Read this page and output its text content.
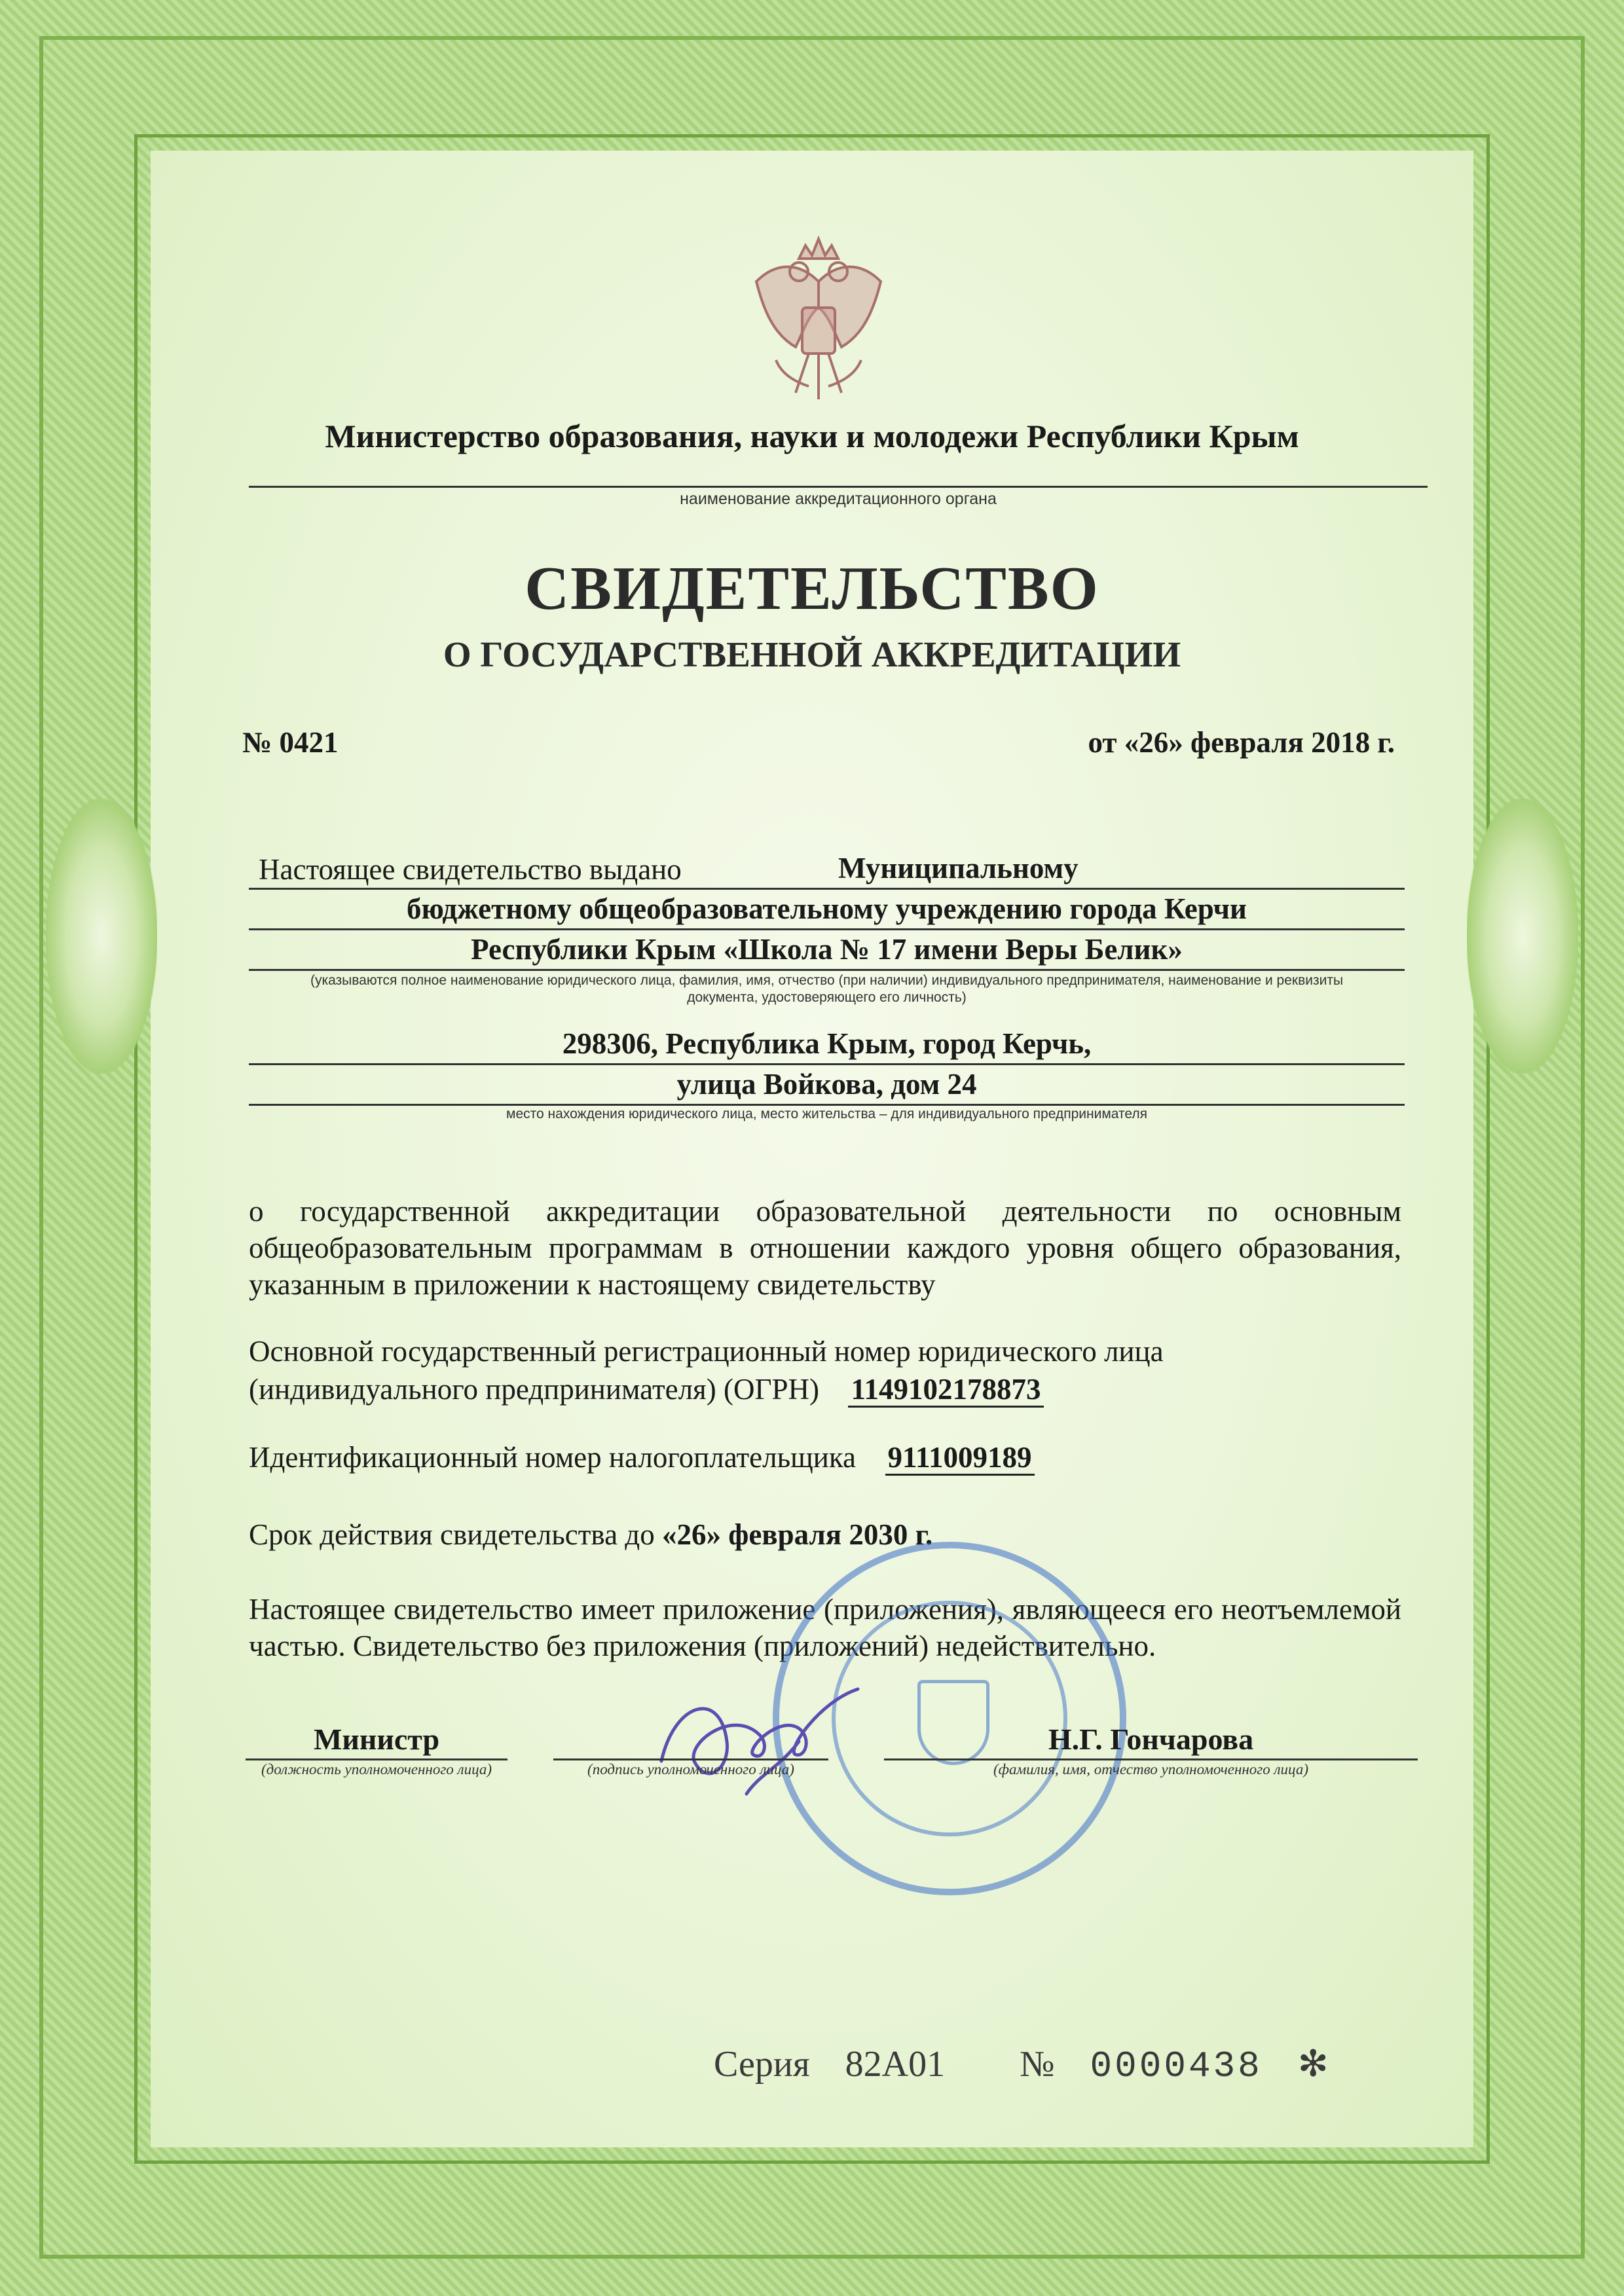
Министерство образования, науки и молодежи Республики Крым
наименование аккредитационного органа
СВИДЕТЕЛЬСТВО
О ГОСУДАРСТВЕННОЙ АККРЕДИТАЦИИ
№ 0421	от «26» февраля 2018 г.
Настоящее свидетельство выдано	Муниципальному
бюджетному общеобразовательному учреждению города Керчи
Республики Крым «Школа № 17 имени Веры Белик»
(указываются полное наименование юридического лица, фамилия, имя, отчество (при наличии) индивидуального предпринимателя, наименование и реквизиты
документа, удостоверяющего его личность)
298306, Республика Крым, город Керчь,
улица Войкова, дом 24
место нахождения юридического лица, место жительства – для индивидуального предпринимателя
о государственной аккредитации образовательной деятельности по основным общеобразовательным программам в отношении каждого уровня общего образования, указанным в приложении к настоящему свидетельству
Основной государственный регистрационный номер юридического лица
(индивидуального предпринимателя) (ОГРН) 1149102178873
Идентификационный номер налогоплательщика 9111009189
Срок действия свидетельства до «26» февраля 2030 г.
Настоящее свидетельство имеет приложение (приложения), являющееся его неотъемлемой частью. Свидетельство без приложения (приложений) недействительно.
Министр
(должность уполномоченного лица)	(подпись уполномоченного лица)
Н.Г. Гончарова
(фамилия, имя, отчество уполномоченного лица)
Серия 82А01 № 0000438 ✻
